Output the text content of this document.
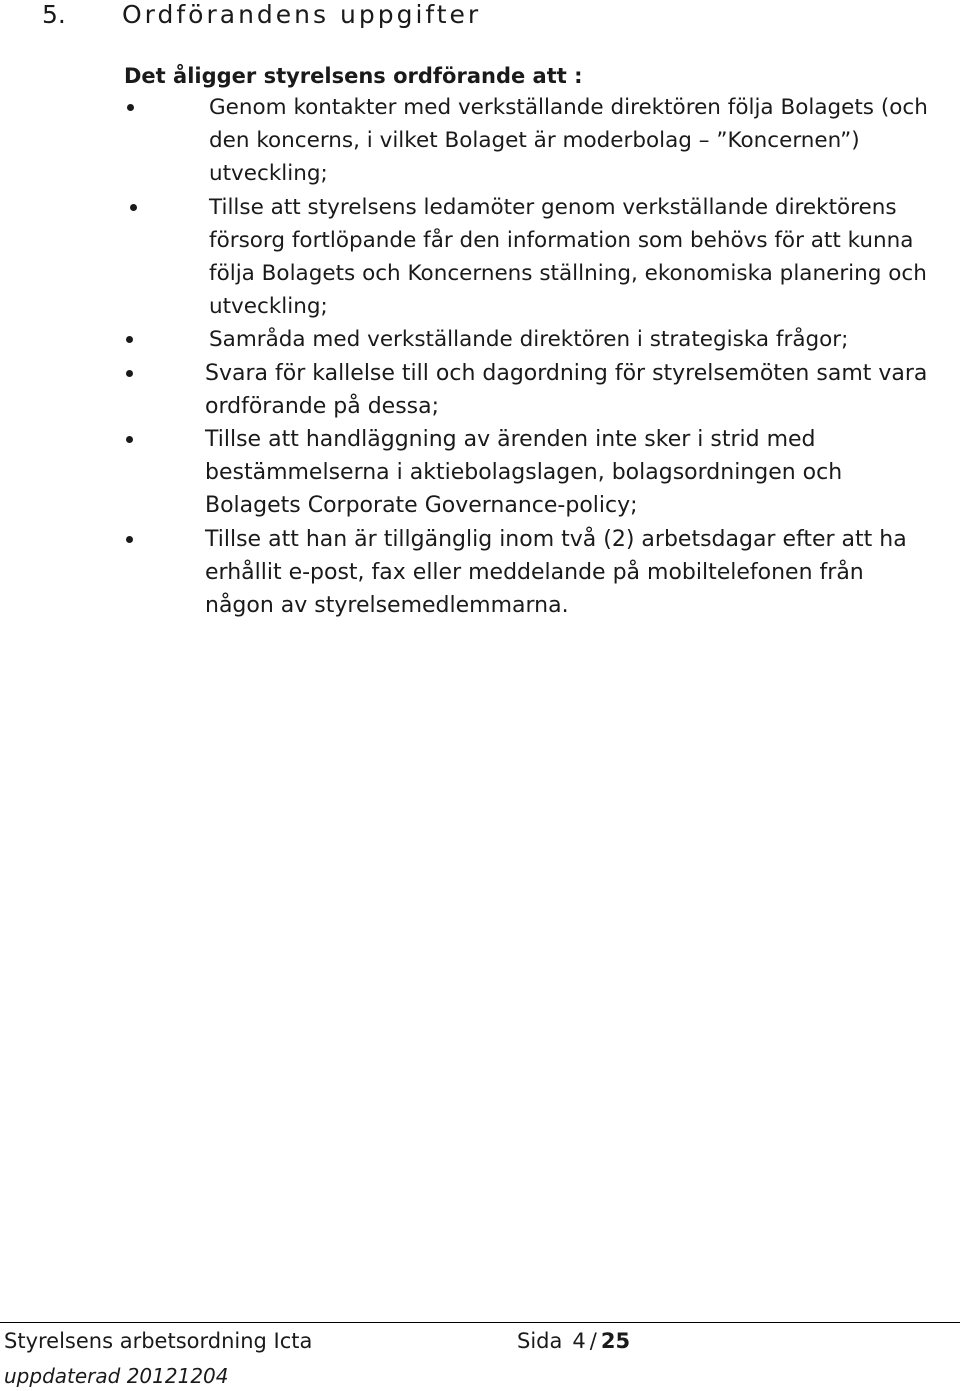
5. Ordförandens uppgifter
Det åligger styrelsens ordförande att :
Genom kontakter med verkställande direktören följa Bolagets (och
den koncerns, i vilket Bolaget är moderbolag – ”Koncernen”)
utveckling;
Tillse att styrelsens ledamöter genom verkställande direktörens
försorg fortlöpande får den information som behövs för att kunna
följa Bolagets och Koncernens ställning, ekonomiska planering och
utveckling;
Samråda med verkställande direktören i strategiska frågor;
Svara för kallelse till och dagordning för styrelsemöten samt vara
ordförande på dessa;
Tillse att handläggning av ärenden inte sker i strid med
bestämmelserna i aktiebolagslagen, bolagsordningen och
Bolagets Corporate Governance-policy;
Tillse att han är tillgänglig inom två (2) arbetsdagar efter att ha
erhållit e-post, fax eller meddelande på mobiltelefonen från
någon av styrelsemedlemmarna.
Styrelsens arbetsordning Icta	Sida 4 / 25
uppdaterad 20121204
